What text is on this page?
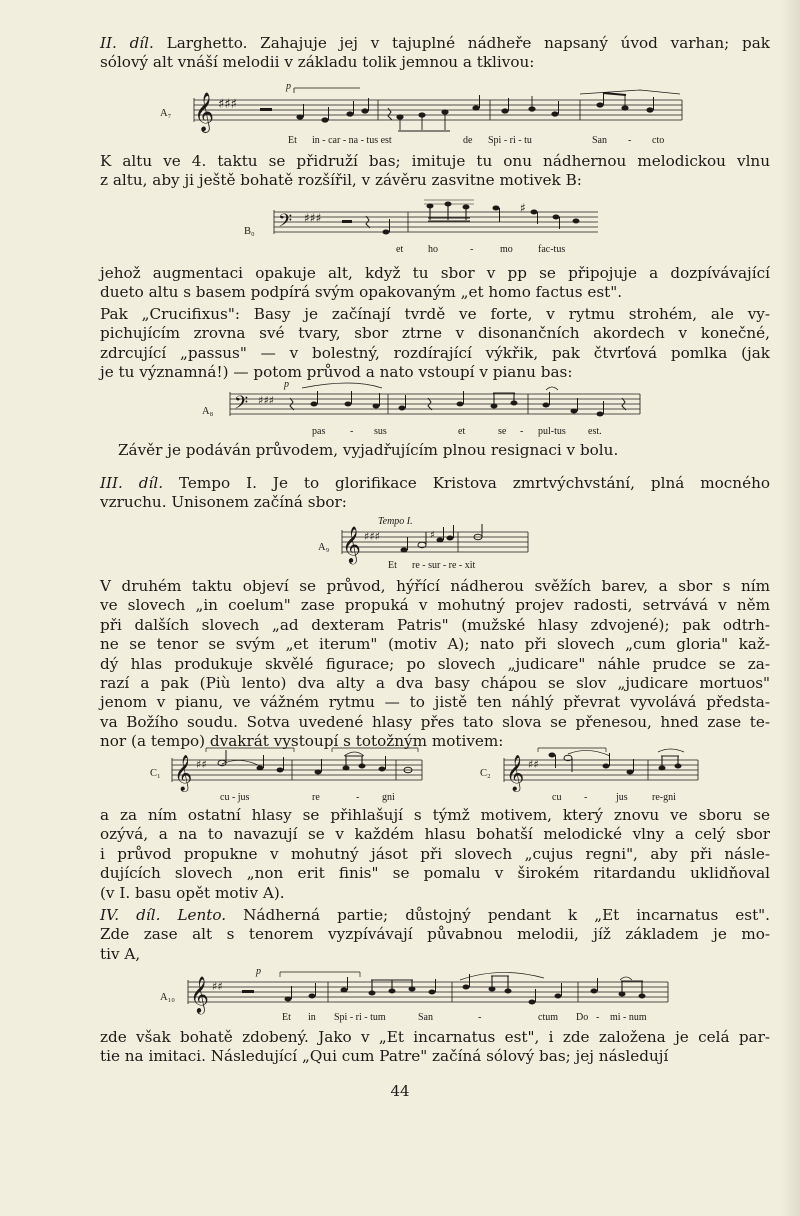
II. díl. Larghetto. Zahajuje jej v tajuplné nádheře napsaný úvod varhan; pak
sólový alt vnáší melodii v základu tolik jemnou a tklivou:
A₇
p
𝄞 ♯♯♯
Et in - car - na - tus est	de Spi - ri - tu	San - cto
K altu ve 4. taktu se přidruží bas; imituje tu onu nádhernou melodickou vlnu
z altu, aby ji ještě bohatě rozšířil, v závěru zasvitne motivek B:
B₀ 𝄢 ♯♯♯
♯
et ho	-	mo	fac-tus
jehož augmentaci opakuje alt, když tu sbor v pp se připojuje a dozpívávající
dueto altu s basem podpírá svým opakovaným „et homo factus est".
Pak „Crucifixus": Basy je začínají tvrdě ve forte, v rytmu strohém, ale vy-
pichujícím zrovna své tvary, sbor ztrne v disonančních akordech v konečné,
zdrcující „passus" — v bolestný, rozdírající výkřik, pak čtvrťová pomlka (jak
je tu významná!) — potom průvod a nato vstoupí v pianu bas:
A₈
p
𝄢 ♯♯♯
pas - sus	et	se - pul-tus est.
Závěr je podáván průvodem, vyjadřujícím plnou resignaci v bolu.
III. díl. Tempo I. Je to glorifikace Kristova zmrtvýchvstání, plná mocného
vzruchu. Unisonem začíná sbor:
A₉
Tempo I.
𝄞 ♯♯♯	♯
Et re - sur - re - xit
V druhém taktu objeví se průvod, hýřící nádherou svěžích barev, a sbor s ním
ve slovech „in coelum" zase propuká v mohutný projev radosti, setrvává v něm
při dalších slovech „ad dexteram Patris" (mužské hlasy zdvojené); pak odtrh-
ne se tenor se svým „et iterum" (motiv A); nato při slovech „cum gloria" kaž-
dý hlas produkuje skvělé figurace; po slovech „judicare" náhle prudce se za-
razí a pak (Più lento) dva alty a dva basy chápou se slov „judicare mortuos"
jenom v pianu, ve vážném rytmu — to jistě ten náhlý převrat vyvolává předsta-
va Božího soudu. Sotva uvedené hlasy přes tato slova se přenesou, hned zase te-
nor (a tempo) dvakrát vystoupí s totožným motivem:
C₁ 𝄞 ♯♯
cu - jus	re	- gni
C₂ 𝄞 ♯♯
cu -	jus re-gni
a za ním ostatní hlasy se přihlašují s týmž motivem, který znovu ve sboru se
ozývá, a na to navazují se v každém hlasu bohatší melodické vlny a celý sbor
i průvod propukne v mohutný jásot při slovech „cujus regni", aby při násle-
dujících slovech „non erit finis" se pomalu v širokém ritardandu uklidňoval
(v I. basu opět motiv A).
IV. díl. Lento. Nádherná partie; důstojný pendant k „Et incarnatus est".
Zde zase alt s tenorem vyzpívávají půvabnou melodii, jíž základem je mo-
tiv A,
A₁₀
p
𝄞 ♯♯
Et in Spi - ri - tum	San	-	ctum Do - mi - num
zde však bohatě zdobený. Jako v „Et incarnatus est", i zde založena je celá par-
tie na imitaci. Následující „Qui cum Patre" začíná sólový bas; jej následují
44
